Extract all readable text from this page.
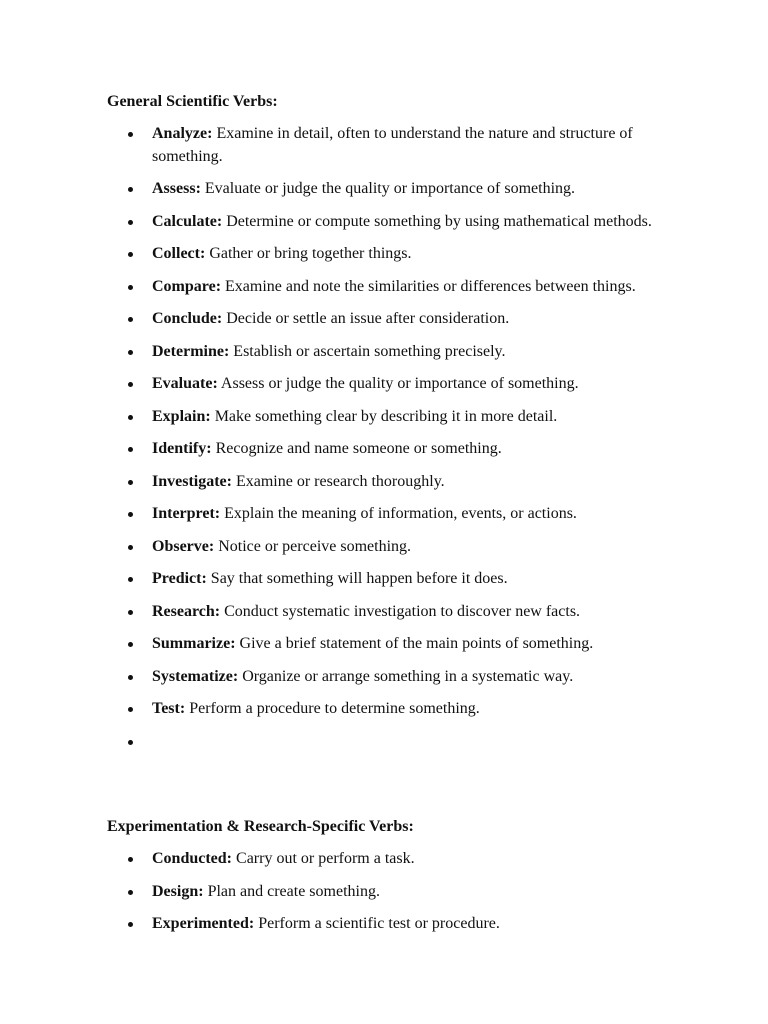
General Scientific Verbs:

Analyze: Examine in detail, often to understand the nature and structure of something.
Assess: Evaluate or judge the quality or importance of something.
Calculate: Determine or compute something by using mathematical methods.
Collect: Gather or bring together things.
Compare: Examine and note the similarities or differences between things.
Conclude: Decide or settle an issue after consideration.
Determine: Establish or ascertain something precisely.
Evaluate: Assess or judge the quality or importance of something.
Explain: Make something clear by describing it in more detail.
Identify: Recognize and name someone or something.
Investigate: Examine or research thoroughly.
Interpret: Explain the meaning of information, events, or actions.
Observe: Notice or perceive something.
Predict: Say that something will happen before it does.
Research: Conduct systematic investigation to discover new facts.
Summarize: Give a brief statement of the main points of something.
Systematize: Organize or arrange something in a systematic way.
Test: Perform a procedure to determine something.

Experimentation & Research-Specific Verbs:

Conducted: Carry out or perform a task.
Design: Plan and create something.
Experimented: Perform a scientific test or procedure.
